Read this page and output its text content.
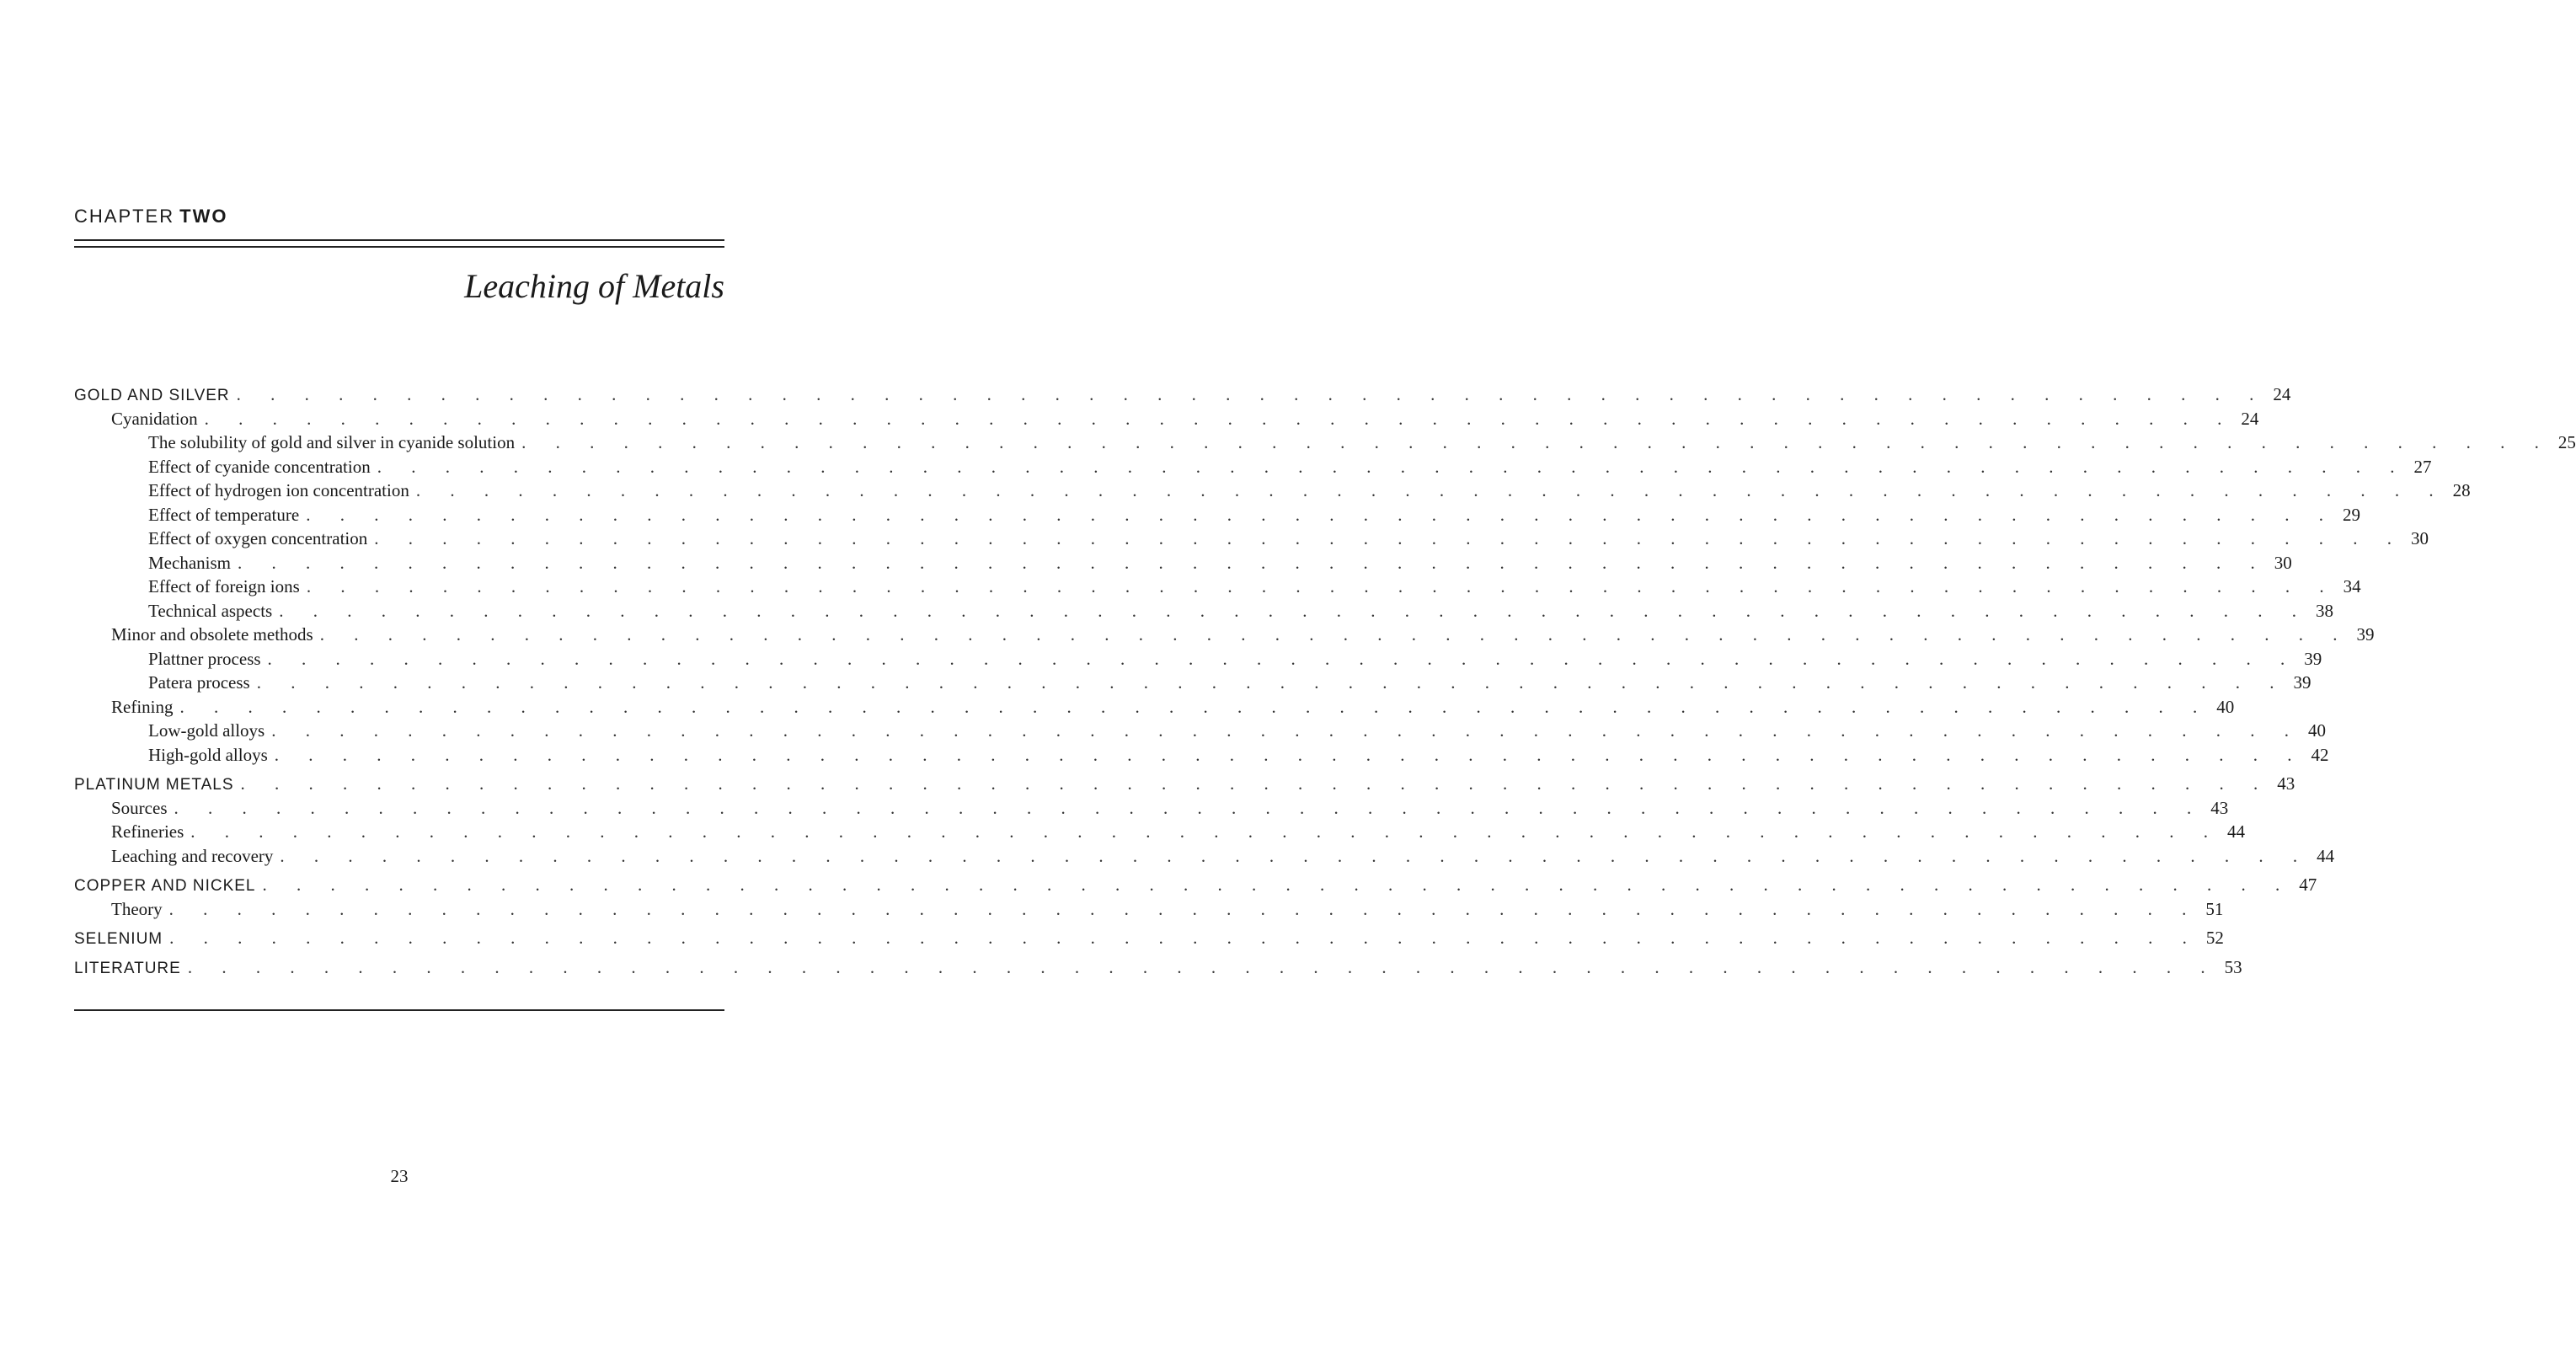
CHAPTER TWO
Leaching of Metals
GOLD AND SILVER . . . . . . . . . . . . . . . . . . . . . . . . . . . . . . . . . . . . . . . . . . . . . . . . . . . . . . . . . . . . 24
Cyanidation . . . . . . . . . . . . . . . . . . . . . . . . . . . . . . . . . . . . . . . . . . . . . . . . . . . . . . . . . . . . 24
The solubility of gold and silver in cyanide solution . . . . . . . . . . . . . . . . . . . . . . . . . . . . . . . . . . . . . . . . . . . . . . . . . . . . . . . . . . . . 25
Effect of cyanide concentration . . . . . . . . . . . . . . . . . . . . . . . . . . . . . . . . . . . . . . . . . . . . . . . . . . . . . . . . . . . . 27
Effect of hydrogen ion concentration . . . . . . . . . . . . . . . . . . . . . . . . . . . . . . . . . . . . . . . . . . . . . . . . . . . . . . . . . . . . 28
Effect of temperature . . . . . . . . . . . . . . . . . . . . . . . . . . . . . . . . . . . . . . . . . . . . . . . . . . . . . . . . . . . . 29
Effect of oxygen concentration . . . . . . . . . . . . . . . . . . . . . . . . . . . . . . . . . . . . . . . . . . . . . . . . . . . . . . . . . . . . 30
Mechanism . . . . . . . . . . . . . . . . . . . . . . . . . . . . . . . . . . . . . . . . . . . . . . . . . . . . . . . . . . . . 30
Effect of foreign ions . . . . . . . . . . . . . . . . . . . . . . . . . . . . . . . . . . . . . . . . . . . . . . . . . . . . . . . . . . . . 34
Technical aspects . . . . . . . . . . . . . . . . . . . . . . . . . . . . . . . . . . . . . . . . . . . . . . . . . . . . . . . . . . . . 38
Minor and obsolete methods . . . . . . . . . . . . . . . . . . . . . . . . . . . . . . . . . . . . . . . . . . . . . . . . . . . . . . . . . . . . 39
Plattner process . . . . . . . . . . . . . . . . . . . . . . . . . . . . . . . . . . . . . . . . . . . . . . . . . . . . . . . . . . . . 39
Patera process . . . . . . . . . . . . . . . . . . . . . . . . . . . . . . . . . . . . . . . . . . . . . . . . . . . . . . . . . . . . 39
Refining . . . . . . . . . . . . . . . . . . . . . . . . . . . . . . . . . . . . . . . . . . . . . . . . . . . . . . . . . . . . 40
Low-gold alloys . . . . . . . . . . . . . . . . . . . . . . . . . . . . . . . . . . . . . . . . . . . . . . . . . . . . . . . . . . . . 40
High-gold alloys . . . . . . . . . . . . . . . . . . . . . . . . . . . . . . . . . . . . . . . . . . . . . . . . . . . . . . . . . . . . 42
PLATINUM METALS . . . . . . . . . . . . . . . . . . . . . . . . . . . . . . . . . . . . . . . . . . . . . . . . . . . . . . . . . . . . 43
Sources . . . . . . . . . . . . . . . . . . . . . . . . . . . . . . . . . . . . . . . . . . . . . . . . . . . . . . . . . . . . 43
Refineries . . . . . . . . . . . . . . . . . . . . . . . . . . . . . . . . . . . . . . . . . . . . . . . . . . . . . . . . . . . . 44
Leaching and recovery . . . . . . . . . . . . . . . . . . . . . . . . . . . . . . . . . . . . . . . . . . . . . . . . . . . . . . . . . . . . 44
COPPER AND NICKEL . . . . . . . . . . . . . . . . . . . . . . . . . . . . . . . . . . . . . . . . . . . . . . . . . . . . . . . . . . . . 47
Theory . . . . . . . . . . . . . . . . . . . . . . . . . . . . . . . . . . . . . . . . . . . . . . . . . . . . . . . . . . . . 51
SELENIUM . . . . . . . . . . . . . . . . . . . . . . . . . . . . . . . . . . . . . . . . . . . . . . . . . . . . . . . . . . . . 52
LITERATURE . . . . . . . . . . . . . . . . . . . . . . . . . . . . . . . . . . . . . . . . . . . . . . . . . . . . . . . . . . . . 53
23
